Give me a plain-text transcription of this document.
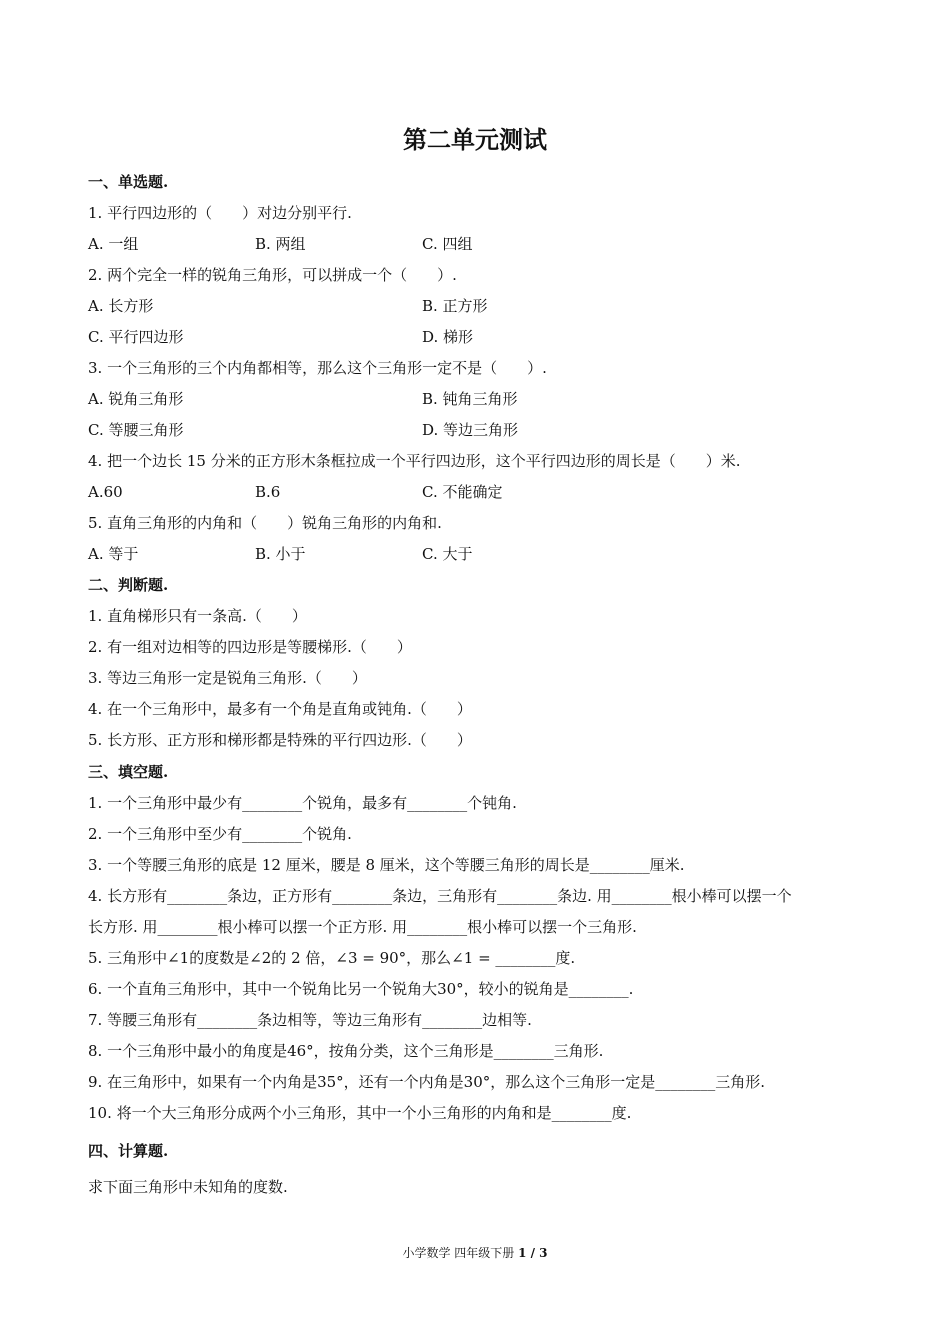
第二单元测试
一、单选题.
1. 平行四边形的（　　）对边分别平行.
A. 一组	B. 两组	C. 四组
2. 两个完全一样的锐角三角形，可以拼成一个（　　）.
A. 长方形	B. 正方形
C. 平行四边形	D. 梯形
3. 一个三角形的三个内角都相等，那么这个三角形一定不是（　　）.
A. 锐角三角形	B. 钝角三角形
C. 等腰三角形	D. 等边三角形
4. 把一个边长 15 分米的正方形木条框拉成一个平行四边形，这个平行四边形的周长是（　　）米.
A.60	B.6	C. 不能确定
5. 直角三角形的内角和（　　）锐角三角形的内角和.
A. 等于	B. 小于	C. 大于
二、判断题.
1. 直角梯形只有一条高.（　　）
2. 有一组对边相等的四边形是等腰梯形.（　　）
3. 等边三角形一定是锐角三角形.（　　）
4. 在一个三角形中，最多有一个角是直角或钝角.（　　）
5. 长方形、正方形和梯形都是特殊的平行四边形.（　　）
三、填空题.
1. 一个三角形中最少有________个锐角，最多有________个钝角.
2. 一个三角形中至少有________个锐角.
3. 一个等腰三角形的底是 12 厘米，腰是 8 厘米，这个等腰三角形的周长是________厘米.
4. 长方形有________条边，正方形有________条边，三角形有________条边. 用________根小棒可以摆一个
长方形. 用________根小棒可以摆一个正方形. 用________根小棒可以摆一个三角形.
5. 三角形中∠1的度数是∠2的 2 倍，∠3 = 90°，那么∠1 = ________度.
6. 一个直角三角形中，其中一个锐角比另一个锐角大30°，较小的锐角是________.
7. 等腰三角形有________条边相等，等边三角形有________边相等.
8. 一个三角形中最小的角度是46°，按角分类，这个三角形是________三角形.
9. 在三角形中，如果有一个内角是35°，还有一个内角是30°，那么这个三角形一定是________三角形.
10. 将一个大三角形分成两个小三角形，其中一个小三角形的内角和是________度.
四、计算题.
求下面三角形中未知角的度数.
小学数学 四年级下册 1 / 3
